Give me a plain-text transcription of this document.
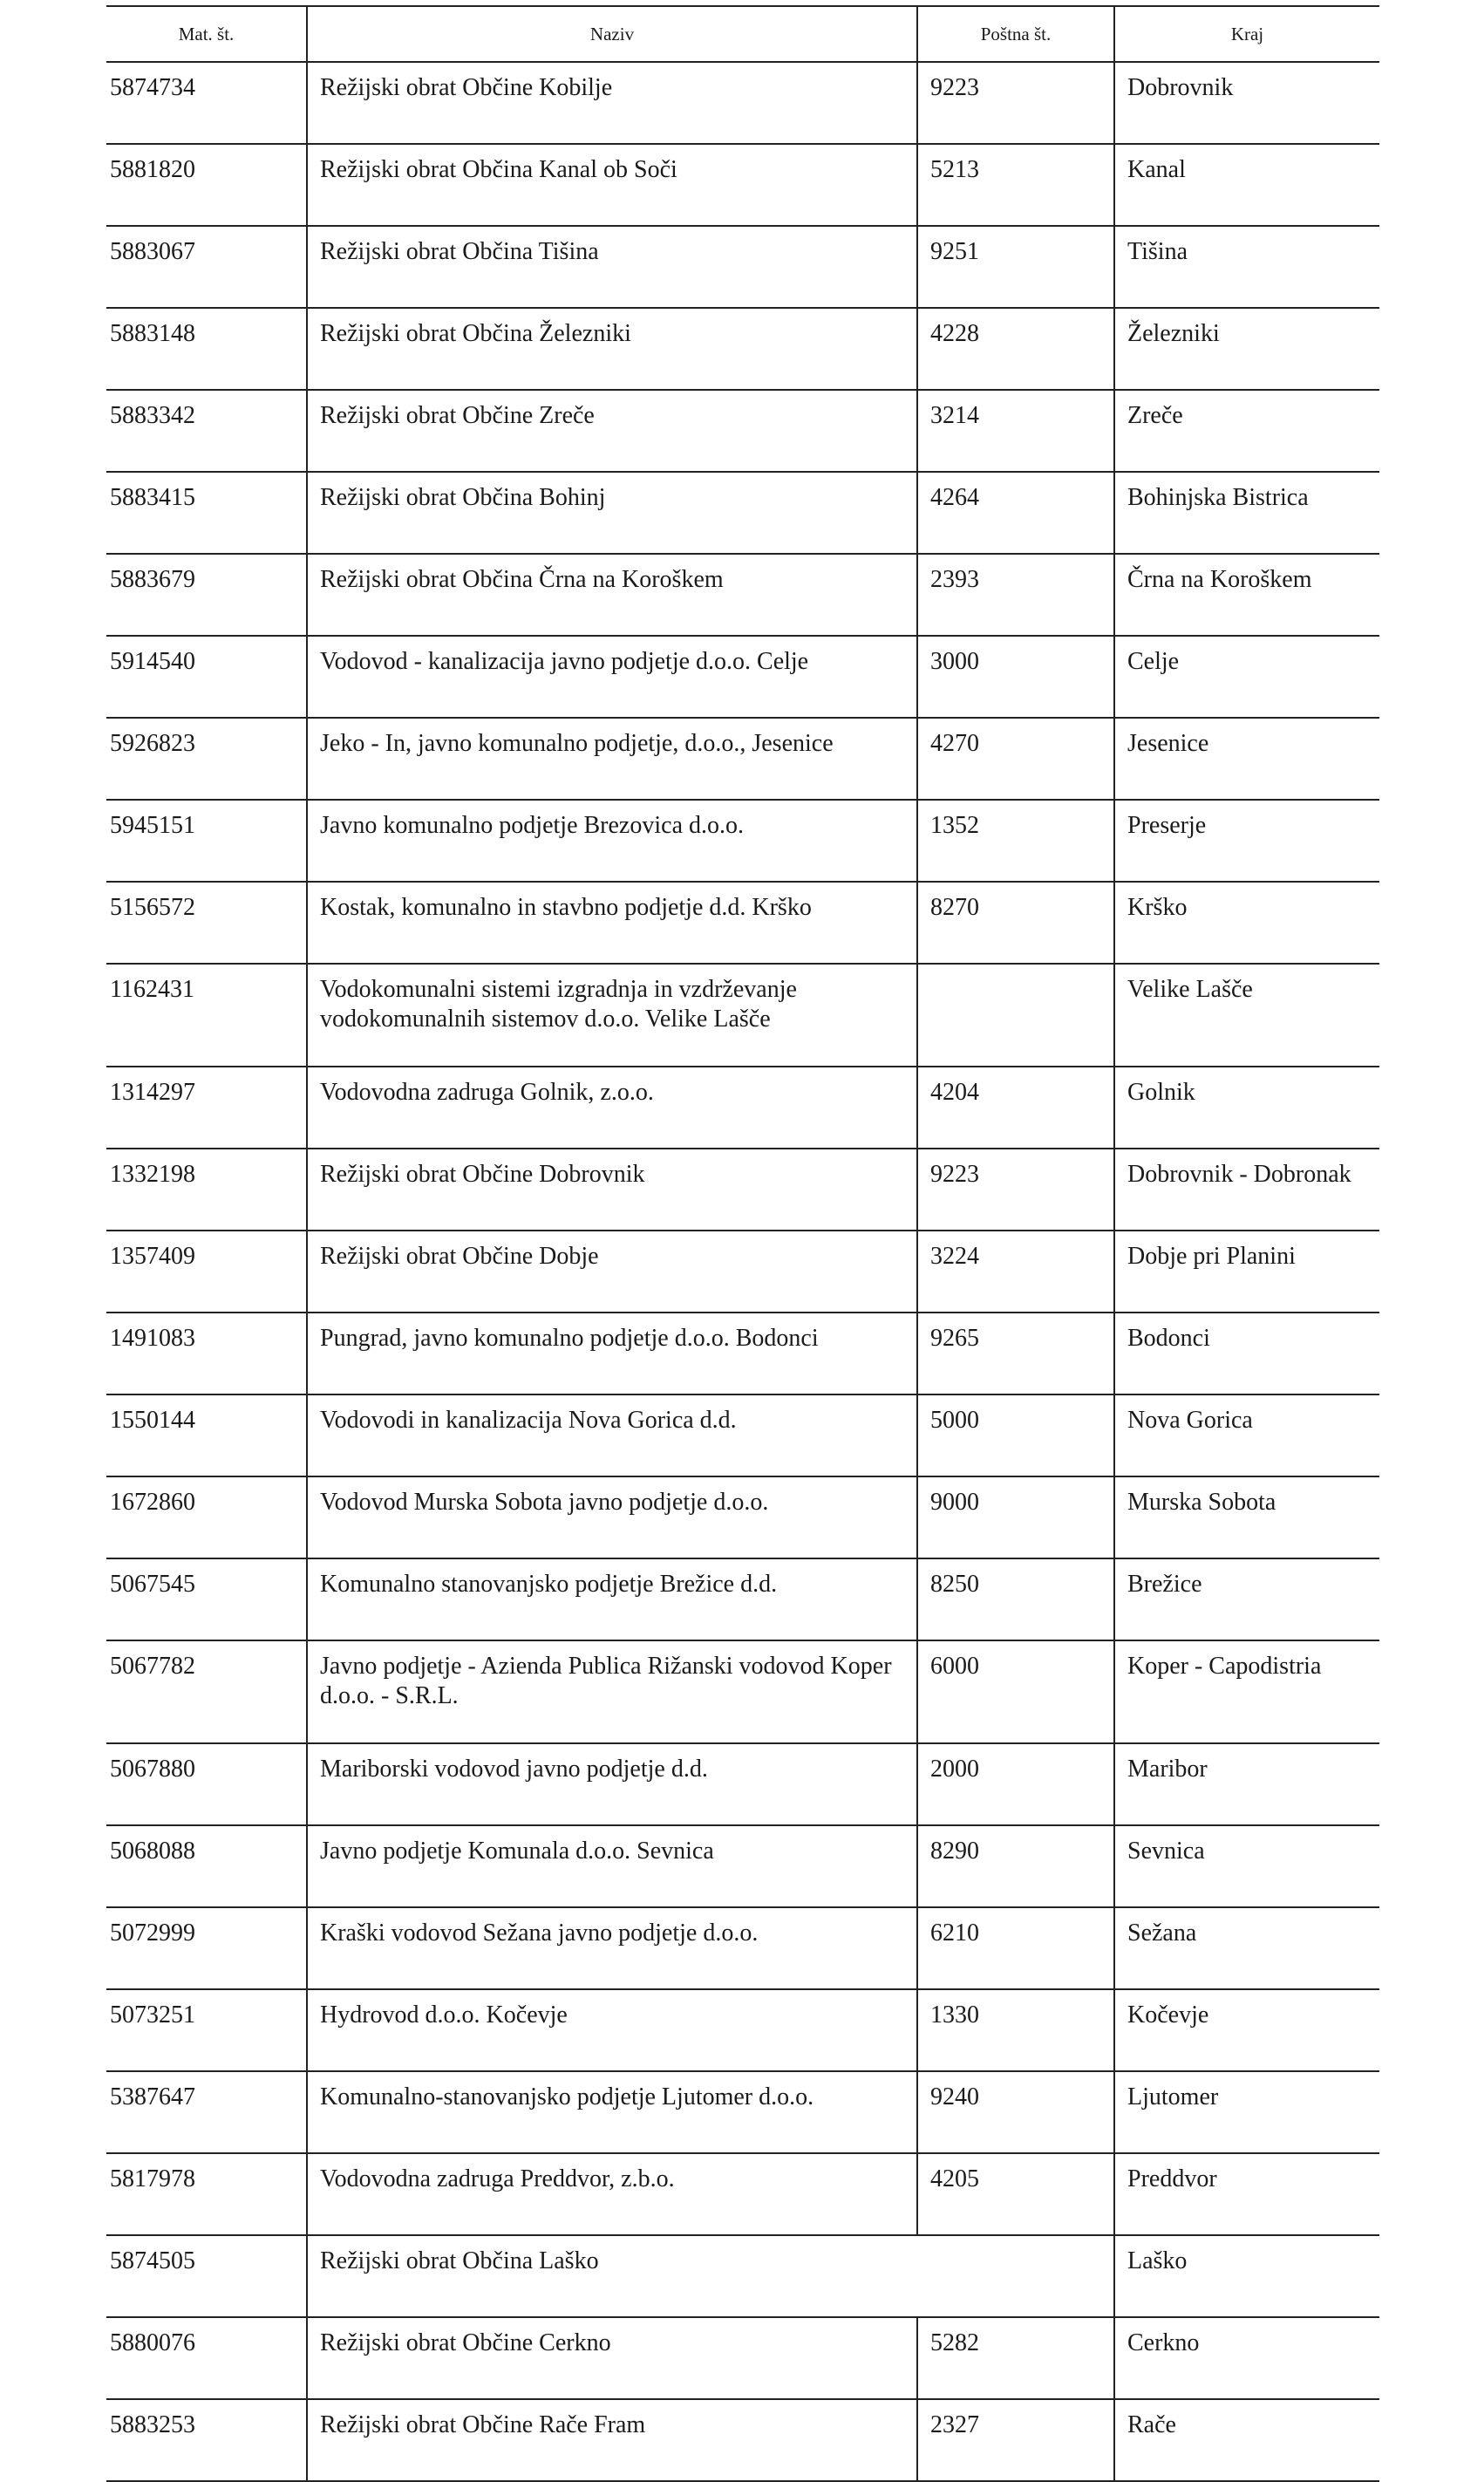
Mat. št.	Naziv	Poštna št.	Kraj
5874734	Režijski obrat Občine Kobilje	9223	Dobrovnik
5881820	Režijski obrat Občina Kanal ob Soči	5213	Kanal
5883067	Režijski obrat Občina Tišina	9251	Tišina
5883148	Režijski obrat Občina Železniki	4228	Železniki
5883342	Režijski obrat Občine Zreče	3214	Zreče
5883415	Režijski obrat Občina Bohinj	4264	Bohinjska Bistrica
5883679	Režijski obrat Občina Črna na Koroškem	2393	Črna na Koroškem
5914540	Vodovod - kanalizacija javno podjetje d.o.o. Celje	3000	Celje
5926823	Jeko - In, javno komunalno podjetje, d.o.o., Jesenice	4270	Jesenice
5945151	Javno komunalno podjetje Brezovica d.o.o.	1352	Preserje
5156572	Kostak, komunalno in stavbno podjetje d.d. Krško	8270	Krško
1162431	Vodokomunalni sistemi izgradnja in vzdrževanje vodokomunalnih sistemov d.o.o. Velike Lašče		Velike Lašče
1314297	Vodovodna zadruga Golnik, z.o.o.	4204	Golnik
1332198	Režijski obrat Občine Dobrovnik	9223	Dobrovnik - Dobronak
1357409	Režijski obrat Občine Dobje	3224	Dobje pri Planini
1491083	Pungrad, javno komunalno podjetje d.o.o. Bodonci	9265	Bodonci
1550144	Vodovodi in kanalizacija Nova Gorica d.d.	5000	Nova Gorica
1672860	Vodovod Murska Sobota javno podjetje d.o.o.	9000	Murska Sobota
5067545	Komunalno stanovanjsko podjetje Brežice d.d.	8250	Brežice
5067782	Javno podjetje - Azienda Publica Rižanski vodovod Koper d.o.o. - S.R.L.	6000	Koper - Capodistria
5067880	Mariborski vodovod javno podjetje d.d.	2000	Maribor
5068088	Javno podjetje Komunala d.o.o. Sevnica	8290	Sevnica
5072999	Kraški vodovod Sežana javno podjetje d.o.o.	6210	Sežana
5073251	Hydrovod d.o.o. Kočevje	1330	Kočevje
5387647	Komunalno-stanovanjsko podjetje Ljutomer d.o.o.	9240	Ljutomer
5817978	Vodovodna zadruga Preddvor, z.b.o.	4205	Preddvor
5874505	Režijski obrat Občina Laško		Laško
5880076	Režijski obrat Občine Cerkno	5282	Cerkno
5883253	Režijski obrat Občine Rače Fram	2327	Rače
